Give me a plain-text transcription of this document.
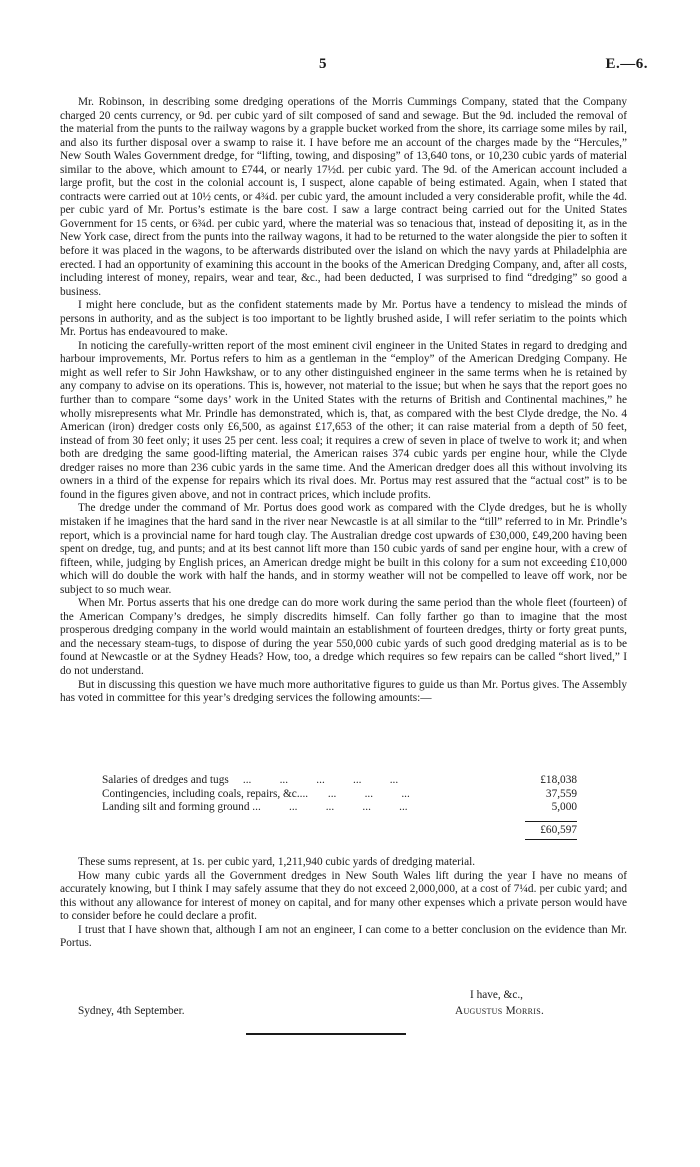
5	E.—6.

Mr. Robinson, in describing some dredging operations of the Morris Cummings Company, stated that the Company charged 20 cents currency, or 9d. per cubic yard of silt composed of sand and sewage. But the 9d. included the removal of the material from the punts to the railway wagons by a grapple bucket worked from the shore, its carriage some miles by rail, and also its further disposal over a swamp to raise it. I have before me an account of the charges made by the “Hercules,” New South Wales Government dredge, for “lifting, towing, and disposing” of 13,640 tons, or 10,230 cubic yards of material similar to the above, which amount to £744, or nearly 17½d. per cubic yard. The 9d. of the American account included a large profit, but the cost in the colonial account is, I suspect, alone capable of being estimated. Again, when I stated that contracts were carried out at 10½ cents, or 4¾d. per cubic yard, the amount included a very considerable profit, while the 4d. per cubic yard of Mr. Portus’s estimate is the bare cost. I saw a large contract being carried out for the United States Government for 15 cents, or 6¾d. per cubic yard, where the material was so tenacious that, instead of depositing it, as in the New York case, direct from the punts into the railway wagons, it had to be returned to the water alongside the pier to soften it before it was placed in the wagons, to be afterwards distributed over the island on which the navy yards at Philadelphia are erected. I had an opportunity of examining this account in the books of the American Dredging Company, and, after all costs, including interest of money, repairs, wear and tear, &c., had been deducted, I was surprised to find “dredging” so good a business.

I might here conclude, but as the confident statements made by Mr. Portus have a tendency to mislead the minds of persons in authority, and as the subject is too important to be lightly brushed aside, I will refer seriatim to the points which Mr. Portus has endeavoured to make.

In noticing the carefully-written report of the most eminent civil engineer in the United States in regard to dredging and harbour improvements, Mr. Portus refers to him as a gentleman in the “employ” of the American Dredging Company. He might as well refer to Sir John Hawkshaw, or to any other distinguished engineer in the same terms when he is retained by any company to advise on its operations. This is, however, not material to the issue; but when he says that the report goes no further than to compare “some days’ work in the United States with the returns of British and Continental machines,” he wholly misrepresents what Mr. Prindle has demonstrated, which is, that, as compared with the best Clyde dredge, the No. 4 American (iron) dredger costs only £6,500, as against £17,653 of the other; it can raise material from a depth of 50 feet, instead of from 30 feet only; it uses 25 per cent. less coal; it requires a crew of seven in place of twelve to work it; and when both are dredging the same good-lifting material, the American raises 374 cubic yards per engine hour, while the Clyde dredger raises no more than 236 cubic yards in the same time. And the American dredger does all this without involving its owners in a third of the expense for repairs which its rival does. Mr. Portus may rest assured that the “actual cost” is to be found in the figures given above, and not in contract prices, which include profits.

The dredge under the command of Mr. Portus does good work as compared with the Clyde dredges, but he is wholly mistaken if he imagines that the hard sand in the river near Newcastle is at all similar to the “till” referred to in Mr. Prindle’s report, which is a provincial name for hard tough clay. The Australian dredge cost upwards of £30,000, £49,200 having been spent on dredge, tug, and punts; and at its best cannot lift more than 150 cubic yards of sand per engine hour, with a crew of fifteen, while, judging by English prices, an American dredge might be built in this colony for a sum not exceeding £10,000 which will do double the work with half the hands, and in stormy weather will not be compelled to leave off work, nor be subject to so much wear.

When Mr. Portus asserts that his one dredge can do more work during the same period than the whole fleet (fourteen) of the American Company’s dredges, he simply discredits himself. Can folly farther go than to imagine that the most prosperous dredging company in the world would maintain an establishment of fourteen dredges, thirty or forty great punts, and the necessary steam-tugs, to dispose of during the year 550,000 cubic yards of such good dredging material as is to be found at Newcastle or at the Sydney Heads? How, too, a dredge which requires so few repairs can be called “short lived,” I do not understand.

But in discussing this question we have much more authoritative figures to guide us than Mr. Portus gives. The Assembly has voted in committee for this year’s dredging services the following amounts:—

Salaries of dredges and tugs     ...          ...          ...          ...          ...	£18,038
Contingencies, including coals, repairs, &c....       ...          ...          ...	37,559
Landing silt and forming ground ...          ...          ...          ...          ...	5,000
£60,597

These sums represent, at 1s. per cubic yard, 1,211,940 cubic yards of dredging material.

How many cubic yards all the Government dredges in New South Wales lift during the year I have no means of accurately knowing, but I think I may safely assume that they do not exceed 2,000,000, at a cost of 7¼d. per cubic yard; and this without any allowance for interest of money on capital, and for many other expenses which a private person would have to consider before he could declare a profit.

I trust that I have shown that, although I am not an engineer, I can come to a better conclusion on the evidence than Mr. Portus.

I have, &c.,
Sydney, 4th September.	Augustus Morris.
